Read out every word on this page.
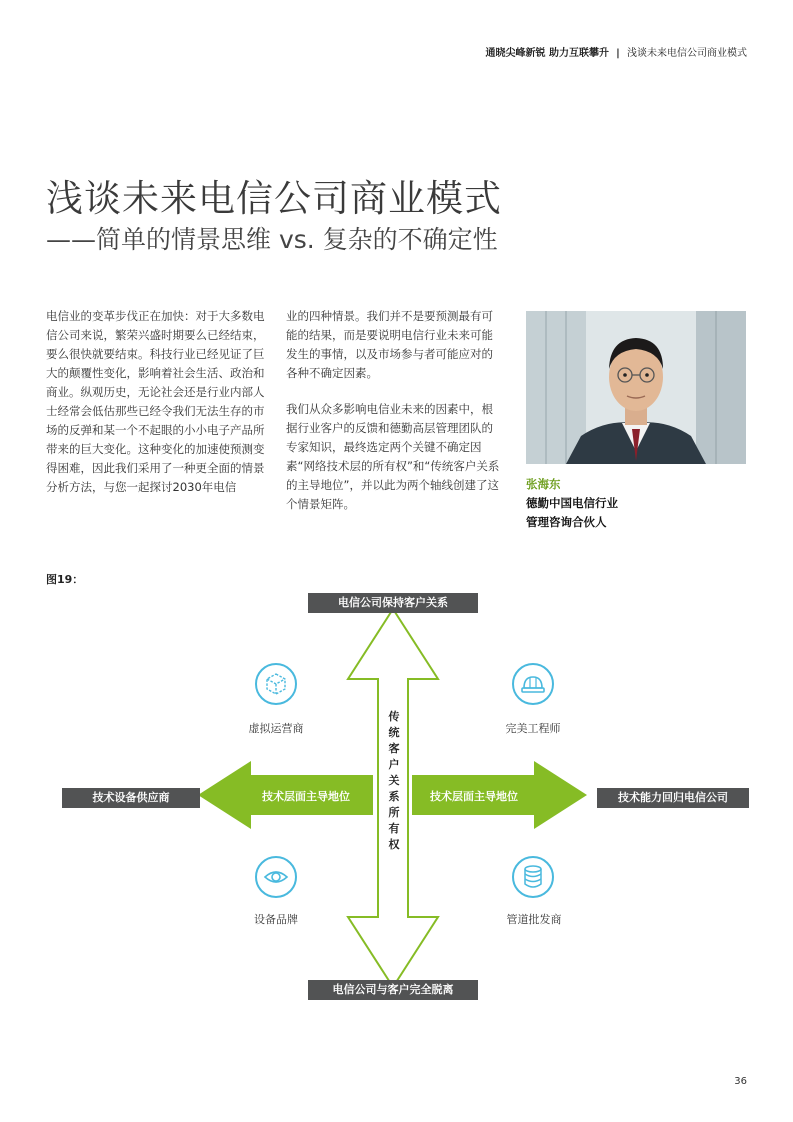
通晓尖峰新锐 助力互联攀升 | 浅谈未来电信公司商业模式
浅谈未来电信公司商业模式
——简单的情景思维 vs. 复杂的不确定性

电信业的变革步伐正在加快：对于大多数电信公司来说，繁荣兴盛时期要么已经结束，要么很快就要结束。科技行业已经见证了巨大的颠覆性变化，影响着社会生活、政治和商业。纵观历史，无论社会还是行业内部人士经常会低估那些已经令我们无法生存的市场的反弹和某一个不起眼的小小电子产品所带来的巨大变化。这种变化的加速使预测变得困难，因此我们采用了一种更全面的情景分析方法，与您一起探讨2030年电信

业的四种情景。我们并不是要预测最有可能的结果，而是要说明电信行业未来可能发生的事情，以及市场参与者可能应对的各种不确定因素。

我们从众多影响电信业未来的因素中，根据行业客户的反馈和德勤高层管理团队的专家知识，最终选定两个关键不确定因素“网络技术层的所有权”和“传统客户关系的主导地位”，并以此为两个轴线创建了这个情景矩阵。

张海东
德勤中国电信行业
管理咨询合伙人
图19：
电信公司保持客户关系
电信公司与客户完全脱离
技术设备供应商	技术能力回归电信公司
技术层面主导地位	技术层面主导地位
传统客户关系所有权
虚拟运营商	完美工程师
设备品牌	管道批发商
36
